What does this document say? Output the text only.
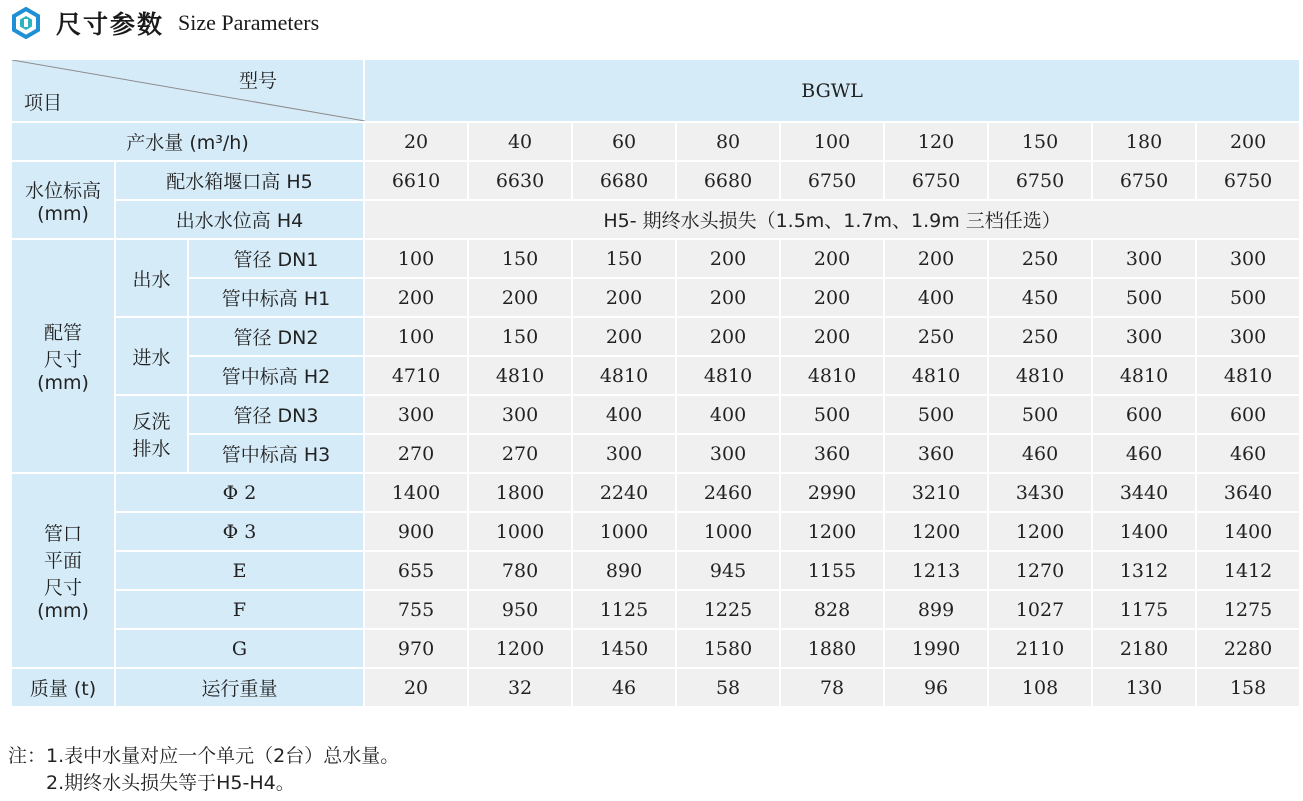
尺寸参数 Size Parameters
型号
项目			BGWL								
产水量 (m³/h)			20	40	60	80	100	120	150	180	200

水位标高
(mm)	配水箱堰口高 H5		6610	6630	6680	6680	6750	6750	6750	6750	6750
	出水水位高 H4		H5- 期终水头损失（1.5m、1.7m、1.9m 三档任选）								

配管
尺寸
(mm)	出水	管径 DN1	100	150	150	200	200	200	250	300	300
		管中标高 H1	200	200	200	200	200	400	450	500	500
	进水	管径 DN2	100	150	200	200	200	250	250	300	300
		管中标高 H2	4710	4810	4810	4810	4810	4810	4810	4810	4810

	反洗
排水	管径 DN3	300	300	400	400	500	500	500	600	600
		管中标高 H3	270	270	300	300	360	360	460	460	460

管口
平面
尺寸
(mm)	Φ 2		1400	1800	2240	2460	2990	3210	3430	3440	3640
	Φ 3		900	1000	1000	1000	1200	1200	1200	1400	1400
	E		655	780	890	945	1155	1213	1270	1312	1412
	F		755	950	1125	1225	828	899	1027	1175	1275
	G		970	1200	1450	1580	1880	1990	2110	2180	2280
质量 (t)	运行重量		20	32	46	58	78	96	108	130	158
注：1.表中水量对应一个单元（2台）总水量。
2.期终水头损失等于H5-H4。
